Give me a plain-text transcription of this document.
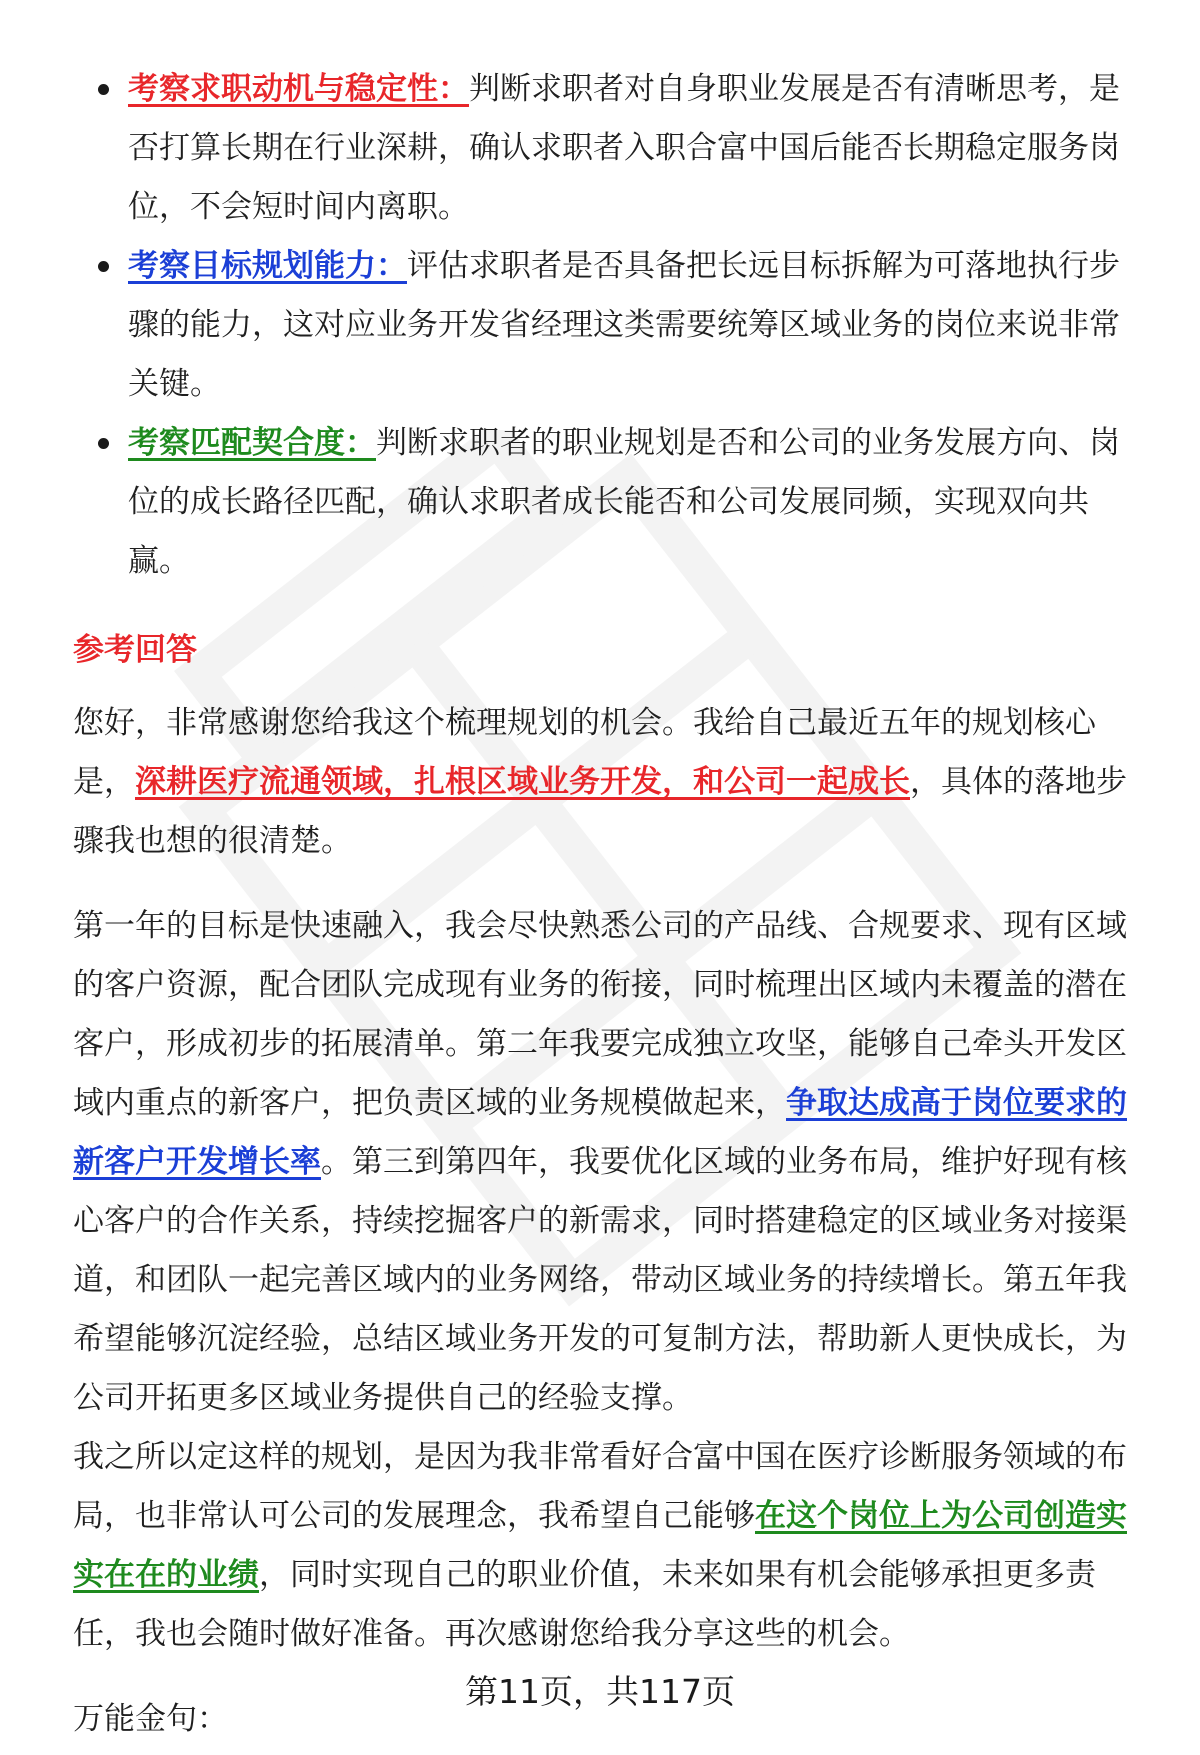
考察求职动机与稳定性：判断求职者对自身职业发展是否有清晰思考，是否打算长期在行业深耕，确认求职者入职合富中国后能否长期稳定服务岗位，不会短时间内离职。
考察目标规划能力：评估求职者是否具备把长远目标拆解为可落地执行步骤的能力，这对应业务开发省经理这类需要统筹区域业务的岗位来说非常关键。
考察匹配契合度：判断求职者的职业规划是否和公司的业务发展方向、岗位的成长路径匹配，确认求职者成长能否和公司发展同频，实现双向共赢。
参考回答

您好，非常感谢您给我这个梳理规划的机会。我给自己最近五年的规划核心是，深耕医疗流通领域，扎根区域业务开发，和公司一起成长，具体的落地步骤我也想的很清楚。

第一年的目标是快速融入，我会尽快熟悉公司的产品线、合规要求、现有区域的客户资源，配合团队完成现有业务的衔接，同时梳理出区域内未覆盖的潜在客户，形成初步的拓展清单。第二年我要完成独立攻坚，能够自己牵头开发区域内重点的新客户，把负责区域的业务规模做起来，争取达成高于岗位要求的新客户开发增长率。第三到第四年，我要优化区域的业务布局，维护好现有核心客户的合作关系，持续挖掘客户的新需求，同时搭建稳定的区域业务对接渠道，和团队一起完善区域内的业务网络，带动区域业务的持续增长。第五年我希望能够沉淀经验，总结区域业务开发的可复制方法，帮助新人更快成长，为公司开拓更多区域业务提供自己的经验支撑。

我之所以定这样的规划，是因为我非常看好合富中国在医疗诊断服务领域的布局，也非常认可公司的发展理念，我希望自己能够在这个岗位上为公司创造实实在在的业绩，同时实现自己的职业价值，未来如果有机会能够承担更多责任，我也会随时做好准备。再次感谢您给我分享这些的机会。

万能金句：

第11页，共117页
